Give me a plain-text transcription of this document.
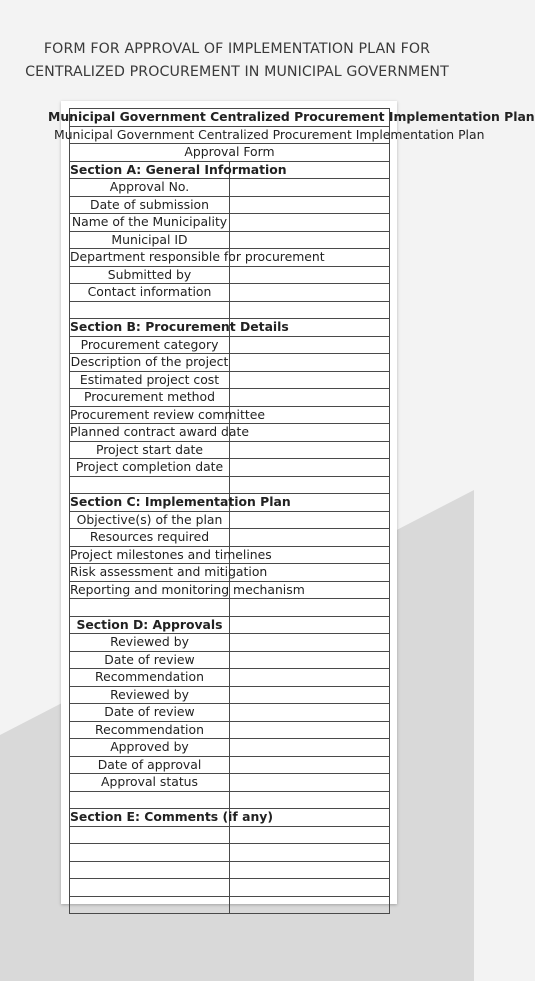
FORM FOR APPROVAL OF IMPLEMENTATION PLAN FOR
CENTRALIZED PROCUREMENT IN MUNICIPAL GOVERNMENT
Municipal Government Centralized Procurement Implementation Plan	

Municipal Government Centralized Procurement Implementation Plan	

Approval Form	
Section A: General Information	
Approval No.	
Date of submission	
Name of the Municipality	
Municipal ID	
Department responsible for procurement	
Submitted by	
Contact information	

Section B: Procurement Details	
Procurement category	
Description of the project	
Estimated project cost	
Procurement method	
Procurement review committee	
Planned contract award date	
Project start date	
Project completion date	

Section C: Implementation Plan	
Objective(s) of the plan	
Resources required	
Project milestones and timelines	
Risk assessment and mitigation	
Reporting and monitoring mechanism	

Section D: Approvals	
Reviewed by	
Date of review	
Recommendation	
Reviewed by	
Date of review	
Recommendation	
Approved by	
Date of approval	
Approval status	

Section E: Comments (if any)	
